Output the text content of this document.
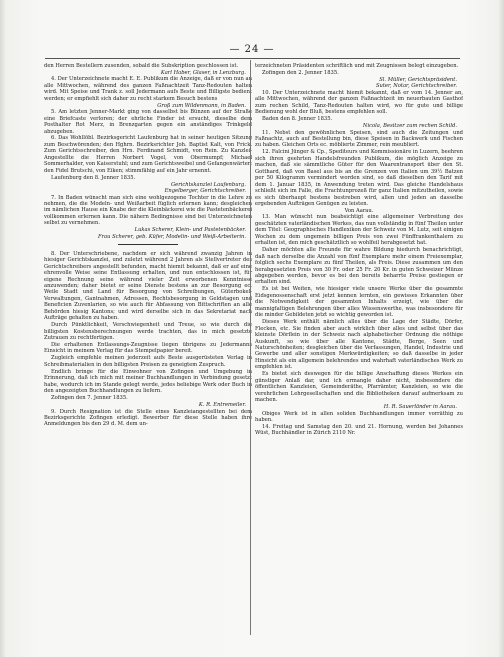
— 24 —

den Herren Bestellern zusenden, sobald die Subskription geschlossen ist.

Karl Haber, Glaser, in Lenzburg.

4. Der Unterzeichnete macht E. E. Publikum die Anzeige, daß er von nun an alle Mittwochen, während des ganzen Faßnachtzeit Tanz-Redouten halten wird. Mit Speise und Trank z. soll Jedermann aufs Beste und Billigste bedient werden; er empfiehlt sich daher zu recht starkem Besuch bestens

Groß zum Wildenmann, in Baden.

5. Am letzten Jenner-Markt ging von dasselbst bis Bünzen auf der Straße eine Briefcaste verloren; der ehrliche Finder ist ersucht, dieselbe dem Posthalter Rot Merz, in Brenzgarten gegen ein anständiges Trinkgeld abzugeben.

6. Das Wohllöbl. Bezirksgericht Laufenburg hat in seiner heutigen Sitzung zum Beschwörenden; den Hghrn. Bezirksrichter Joh. Baptist Kalt, von Frick. Zum Gerichtsschreiber, den Hrn. Ferdinand Schmidt, von Rein. Zu Kanzlei-Angestellte die Herren Norbert Vogel, von Obermumpf; Michael Sommerhalder, von Kaiserstuhl; und zum Gerichtsweibel und Gefangenwärter; den Fidel Brutschi, von Eiken; stimmfähig auf ein Jahr ernennt.

Laufenburg den 8. Jenner 1835.

Gerichtskanzlei Laufenburg.
Engelberger, Gerichtschreiber.

7. In Baden wünscht man sich eine wohlgezogene Tochter in die Lehre zu nehmen, die die Modeln- und Weißarbeit füglich erlernen kann; desgleichen im nämlichen Hause ein Knabe der die Kleinbäckerei wie die Pastetenbäckerei vollkommen erlernen kann. Die nähern Bedingnisse sind bei Unterzeichneten selbst zu vernehmen.

Lukas Scherer, Klein- und Pastetenbäcker.
Frau Scherer, geb. Küfer, Modelin- und Weiß-Arbeiterin.

8. Der Unterschriebene, nachdem er sich während zwanzig Jahren in hiesiger Gerichtskanzlei, und zuletzt während 2 Jahren als Stellvertreter des Gerichtschreibers angestellt befunden, macht hiemit bekannt, daß er auf eine ehrenvolle Weise seine Entlassung erhalten, und nun entschlossen ist, für eigene Rechnung seine während vieler Zeit erworbenen Kenntnisse anzuwenden; daher bietet er seine Dienste bestens an zur Besorgung ec. Weile Stadt und Land für Besorgung von Schreibungen, Güterbokel-Verwaltungen, Gantnahmen, Adressen, Rechtsbesorgung in Geldstagen und Beneficien Zuvenlarien, so wie auch für Abfassung von Bittschriften an alle Behörden hiesig Kantons; und wird derselbe sich in das Sekretariat nach Aufträge gehalten zu haben.

Durch Pünktlichkeit, Verschwiegenheit und Treue, so wie durch die billigsten Kostensberechnungen werde trachten, das in mich gesetzte Zutrauen zu rechtfertigen.

Die erhaltenen Entlassungs-Zeugnisse liegen übrigens zu Jedermanns Einsicht in meinem Verlag für das Stempelpapier bereit.

Zugleich empfehle meinen jederzeit aufs Beste ausgerüsteten Verlag in Schreibmaterialien in den billigsten Preisen zu geneigtem Zuspruch.

Endlich bringe für die Einwohner von Zofingen und Umgebung in Erinnerung, daß ich mich mit meiner Buchhandlungen in Verbindung gesetzt habe, wodurch ich im Stande gelegt werde, jedes beliebige Werk oder Buch in den angezeigten Buchhandlungen zu liefern.

Zofingen den 7. Jenner 1835.

K. R. Entremeiler.

9. Durch Resignation ist die Stelle eines Kanzleiangestellten bei dem Bezirksgerichte Zofingen erledigt. Bewerber für diese Stelle haben ihre Anmeldungen bis den 29 d. M. dem un-

terzeichneten Präsidenten schriftlich und mit Zeugnissen belegt einzugeben.

Zofingen den 2. Jenner 1835.

Sl. Müller, Gerichtspräsident.
Suter, Notar, Gerichtschreiber.

10. Der Unterzeichnete macht hiemit bekannt, daß er vom 14. Jenner an, alle Mittwochen, während der ganzen Faßnachtzeit im neuerbauten Gasthof zum rechen Schild, Tanz-Redouten halten wird, wo für gute und billige Bedienung wohl der Bluß, bestens empfehlen soll.

Baden den 8. Jenner 1835.

Nicola, Besitzer zum rechen Schild.

11. Nebst den gewöhnlichen Speisen, sind auch die Zeitungen und Faßnachtz, auch auf Bestellung bin, diese Speisen in Backwerk und Fischen zu haben. Gleichen Orts ec. möblierte Zimmer, rein meubliert.

12. Falcini Jünger & Cp., Spediteurs und Kommissionäre in Luzern, beehren sich ihren geehrten Handelsfreunden Publikum, die möglich Anzeige zu machen, daß sie sämmtliche Güter für den Waarentransport über den St. Gotthard, daß von Basel aus bis an die Grenzen von Italien um 39½ Batzen per 50 Kilogramm vermindert worden sind, so daß dieselben den Tarif mit dem 1. Januar 1835, in Anwendung treten wird. Das gleiche Handelshaus schließt sich im Falle, die Frachtunprozeß für ganz Italien mitzutheilen, sowie es sich überhaupt bestens bestreben wird, allen und jeden an dasselbe ergebenden Aufträgen Genügen zu leisten.

Von Aarau.

13. Man wünscht nun beabsichtigt eine allgemeiner Verbreitung des geschätzten vaterländischen Werkes, das nun vollständig in fünf Theilen unter dem Titel: Geographisches Handlexikon der Schweiz von M. Lutz, seit einigen Wochen zu dem ungemein billigen Preis von zwei Fünffrankenthalern zu erhalten ist, den mich geschätztlich so wohlfeil herabgesetzt hat.

Daher möchten alle Freunde für wahre Bildung hiedurch benachrichtigt, daß nach derselbe die Anzahl von fünf Exemplare mehr einem Freiexemplar, folglich sechs Exemplare zu fünf Theilen, als Freis. Diese zusammen um den herabgesetzten Preis von 30 Fr. oder 25 Fr. 20 Kr. in guten Schweizer Münze abgegeben werden, bevor es bei den bereits beharrte Preise gestiegen er erhalten sind.

Es ist bei Weiten, wie hiesiger viele unsere Werke über die gesammte Eidsgenossenschaft erst jetzt kennen lernten, ein gewisses Erkannten über die Notwendigkeit der gesammten Inhalts erzeigt, wie über die mannigfaltigen Belehrungen über alles Wissenswerthe, was insbesondere für die minder Gebildeten jetzt so wichtig geworden ist.

Dieses Werk enthält nämlich alles über die Lage der Städte, Dörfer, Flecken, etc. Sie finden aber auch wirklich über alles und selbst über das kleinste Dörflein in der Schweiz nach alphabetischer Ordnung die nöthige Auskunft, so wie über alle Kantone, Städte, Berge, Seen und Naturschönheiten; desgleichen über die Verfassungen, Handel, Industrie und Gewerbe und aller sonstigen Merkwürdigkeiten; so daß dasselbe in jeder Hinsicht als ein allgemein belehrendes und wahrhaft vaterländisches Werk zu empfehlen ist.

Es bietet sich deswegen für die billige Anschaffung dieses Werkes ein günstiger Anlaß dar, und ich ermangle daher nicht, insbesondere die öffentlichen Kanzleien, Gemeinderäthe, Pfarrämter, Kanzleien, so wie die verehrlichen Lehrgesellschaften und die Bibliotheken darauf aufmerksam zu machen.

H. R. Sauerländer in Aarau.

Obiges Werk ist in allen soliden Buchhandlungen immer vorräthig zu haben.

14. Freitag und Samstag den 20. und 21. Hornung, werden bei Johannes Wüst, Buchhändler in Zürich 2110 Nr.
